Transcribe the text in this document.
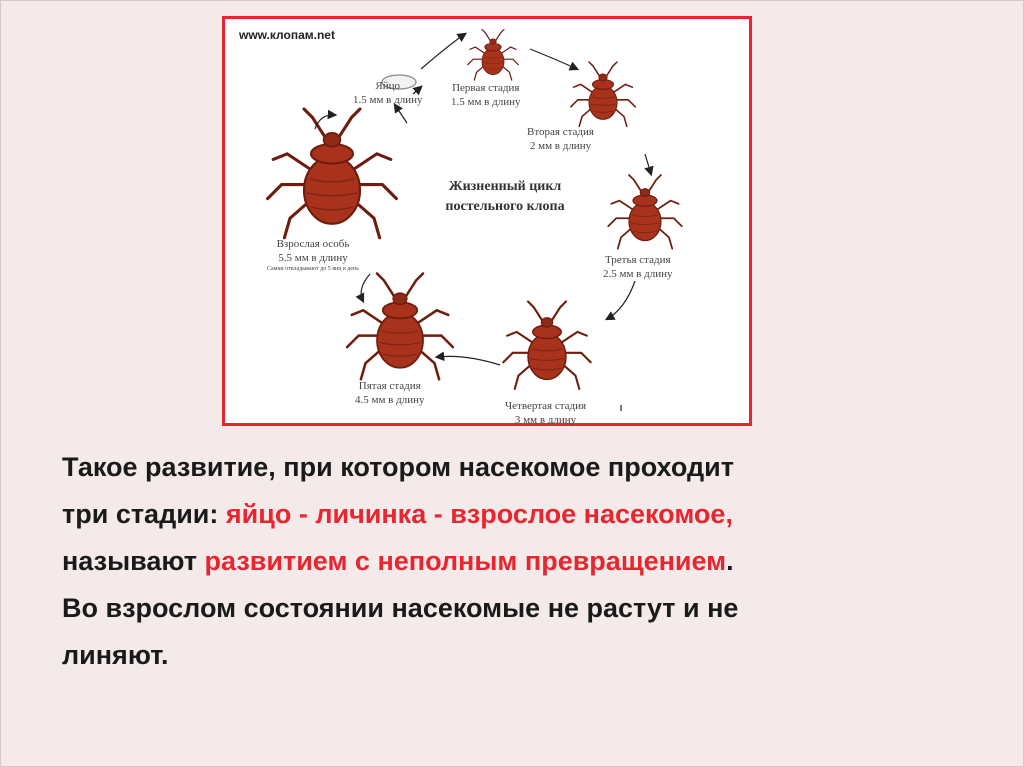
www.клопам.net
Яйцо
1.5 мм в длину
Первая стадия
1.5 мм в длину
Вторая стадия
2 мм в длину
Третья стадия
2.5 мм в длину
Четвертая стадия
3 мм в длину
Пятая стадия
4.5 мм в длину
Взрослая особь
5.5 мм в длину
Самки откладывают до 5 яиц в день
Жизненный цикл
постельного клопа
Такое развитие, при котором насекомое проходит
три стадии: яйцо - личинка - взрослое насекомое,
называют развитием с неполным превращением.
Во взрослом состоянии насекомые не растут и не
линяют.
